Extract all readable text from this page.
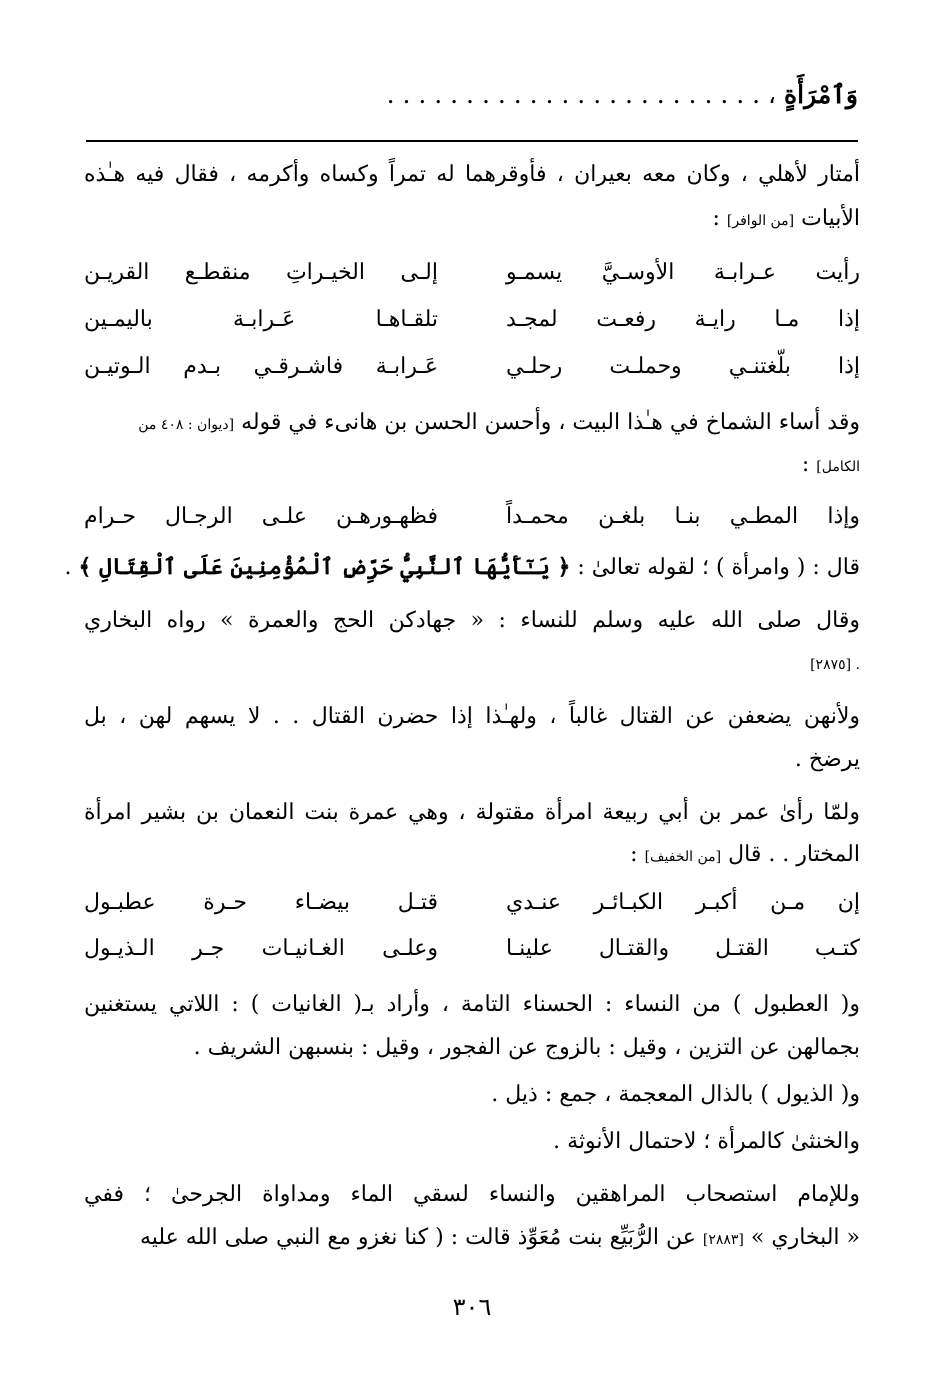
وَٱمْرَأَةٍ ، . . . . . . . . . . . . . . . . . . . . . . . .
أمتار لأهلي ، وكان معه بعيران ، فأوقرهما له تمراً وكساه وأكرمه ، فقال فيه هـٰذه
الأبيات [من الوافر] :
رأيت عـرابـة الأوسـيَّ يسمـو
إلـى الخيـراتِ منقطـع القريـن
إذا مـا رايـة رفعـت لمجـد
تلقـاهـا عَـرابـة باليمـين
إذا بلّغتنـي وحملـت رحلـي
عَـرابـة فاشـرقـي بـدم الـوتيـن
وقد أساء الشماخ في هـٰذا البيت ، وأحسن الحسن بن هانىء في قوله [ديوان : ٤٠٨ من
الكامل] :
وإذا المطـي بنـا بلغـن محمـداً
فظهـورهـن علـى الرجـال حـرام
قال : ( وامرأة ) ؛ لقوله تعالىٰ : ﴿ يَـٰٓأَيُّهَا ٱلنَّبِيُّ حَرِّضِ ٱلْمُؤْمِنِينَ عَلَى ٱلْقِتَالِ ﴾ .
وقال صلى الله عليه وسلم للنساء : « جهادكن الحج والعمرة » رواه البخاري
. [٢٨٧٥]
ولأنهن يضعفن عن القتال غالباً ، ولهـٰذا إذا حضرن القتال . . لا يسهم لهن ، بل
يرضخ .
ولمّا رأىٰ عمر بن أبي ربيعة امرأة مقتولة ، وهي عمرة بنت النعمان بن بشير امرأة
المختار . . قال [من الخفيف] :
إن مـن أكبـر الكبـائـر عنـدي
قتـل بيضـاء حـرة عطبـول
كتـب القتـل والقتـال علينـا
وعلـى الغـانيـات جـر الـذيـول
و( العطبول ) من النساء : الحسناء التامة ، وأراد بـ( الغانيات ) : اللاتي يستغنين
بجمالهن عن التزين ، وقيل : بالزوج عن الفجور ، وقيل : بنسبهن الشريف .
و( الذيول ) بالذال المعجمة ، جمع : ذيل .
والخنثىٰ كالمرأة ؛ لاحتمال الأنوثة .
وللإمام استصحاب المراهقين والنساء لسقي الماء ومداواة الجرحىٰ ؛ ففي
« البخاري » [٢٨٨٣] عن الرُّبَيِّع بنت مُعَوِّذ قالت : ( كنا نغزو مع النبي صلى الله عليه
٣٠٦
